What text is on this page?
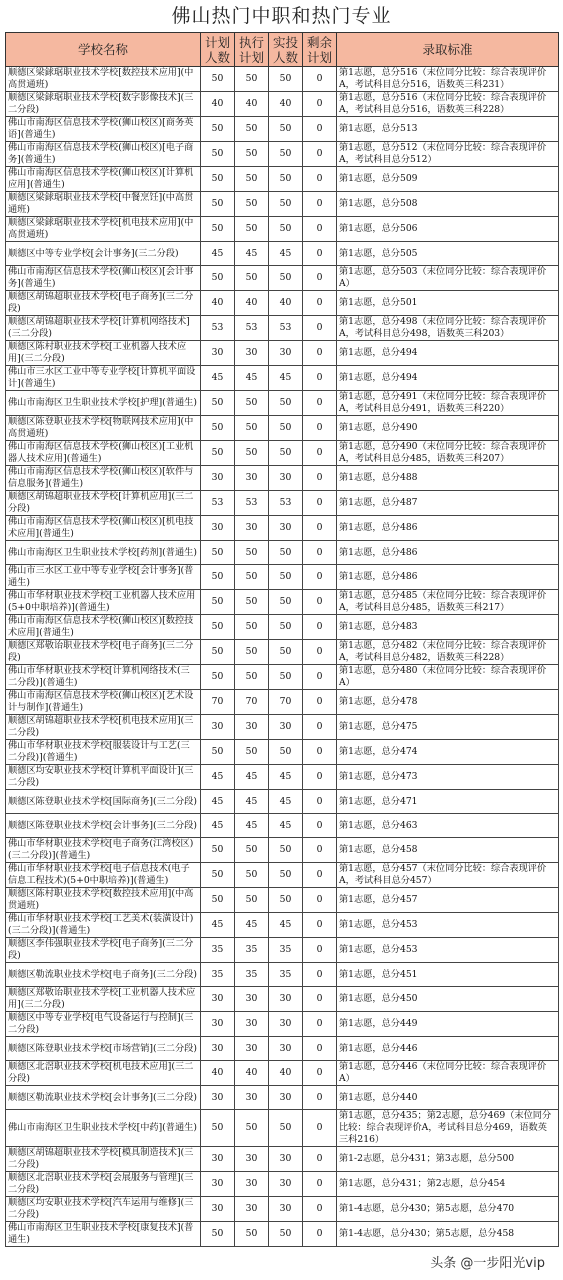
佛山热门中职和热门专业
学校名称	计划人数	执行计划	实投人数	剩余计划	录取标准
顺德区梁銶琚职业技术学校[数控技术应用](中高贯通班)	50	50	50	0	第1志愿，总分516（末位同分比较：综合表现评价A，考试科目总分516，语数英三科231）
顺德区梁銶琚职业技术学校[数字影像技术](三二分段)	40	40	40	0	第1志愿，总分516（末位同分比较：综合表现评价A，考试科目总分516，语数英三科228）
佛山市南海区信息技术学校(狮山校区)[商务英语](普通生)	50	50	50	0	第1志愿，总分513
佛山市南海区信息技术学校(狮山校区)[电子商务](普通生)	50	50	50	0	第1志愿，总分512（末位同分比较：综合表现评价A，考试科目总分512）
佛山市南海区信息技术学校(狮山校区)[计算机应用](普通生)	50	50	50	0	第1志愿，总分509
顺德区梁銶琚职业技术学校[中餐烹饪](中高贯通班)	50	50	50	0	第1志愿，总分508
顺德区梁銶琚职业技术学校[机电技术应用](中高贯通班)	50	50	50	0	第1志愿，总分506
顺德区中等专业学校[会计事务](三二分段)	45	45	45	0	第1志愿，总分505
佛山市南海区信息技术学校(狮山校区)[会计事务](普通生)	50	50	50	0	第1志愿，总分503（末位同分比较：综合表现评价A）
顺德区胡锦超职业技术学校[电子商务](三二分段)	40	40	40	0	第1志愿，总分501
顺德区胡锦超职业技术学校[计算机网络技术](三二分段)	53	53	53	0	第1志愿，总分498（末位同分比较：综合表现评价A，考试科目总分498，语数英三科203）
顺德区陈村职业技术学校[工业机器人技术应用](三二分段)	30	30	30	0	第1志愿，总分494
佛山市三水区工业中等专业学校[计算机平面设计](普通生)	45	45	45	0	第1志愿，总分494
佛山市南海区卫生职业技术学校[护理](普通生)	50	50	50	0	第1志愿，总分491（末位同分比较：综合表现评价A，考试科目总分491，语数英三科220）
顺德区陈登职业技术学校[物联网技术应用](中高贯通班)	50	50	50	0	第1志愿，总分490
佛山市南海区信息技术学校(狮山校区)[工业机器人技术应用](普通生)	50	50	50	0	第1志愿，总分490（末位同分比较：综合表现评价A，考试科目总分485，语数英三科207）
佛山市南海区信息技术学校(狮山校区)[软件与信息服务](普通生)	30	30	30	0	第1志愿，总分488
顺德区胡锦超职业技术学校[计算机应用](三二分段)	53	53	53	0	第1志愿，总分487
佛山市南海区信息技术学校(狮山校区)[机电技术应用](普通生)	30	30	30	0	第1志愿，总分486
佛山市南海区卫生职业技术学校[药剂](普通生)	50	50	50	0	第1志愿，总分486
佛山市三水区工业中等专业学校[会计事务](普通生)	50	50	50	0	第1志愿，总分486
佛山市华材职业技术学校[工业机器人技术应用(5+0中职培养)](普通生)	50	50	50	0	第1志愿，总分485（末位同分比较：综合表现评价A，考试科目总分485，语数英三科217）
佛山市南海区信息技术学校(狮山校区)[数控技术应用](普通生)	50	50	50	0	第1志愿，总分483
顺德区郑敬诒职业技术学校[电子商务](三二分段)	50	50	50	0	第1志愿，总分482（末位同分比较：综合表现评价A，考试科目总分482，语数英三科228）
佛山市华材职业技术学校[计算机网络技术(三二分段)](普通生)	50	50	50	0	第1志愿，总分480（末位同分比较：综合表现评价A）
佛山市南海区信息技术学校(狮山校区)[艺术设计与制作](普通生)	70	70	70	0	第1志愿，总分478
顺德区胡锦超职业技术学校[机电技术应用](三二分段)	30	30	30	0	第1志愿，总分475
佛山市华材职业技术学校[服装设计与工艺(三二分段)](普通生)	50	50	50	0	第1志愿，总分474
顺德区均安职业技术学校[计算机平面设计](三二分段)	45	45	45	0	第1志愿，总分473
顺德区陈登职业技术学校[国际商务](三二分段)	45	45	45	0	第1志愿，总分471
顺德区陈登职业技术学校[会计事务](三二分段)	45	45	45	0	第1志愿，总分463
佛山市华材职业技术学校[电子商务(江湾校区)(三二分段)](普通生)	50	50	50	0	第1志愿，总分458
佛山市华材职业技术学校[电子信息技术(电子信息工程技术)(5+0中职培养)](普通生)	50	50	50	0	第1志愿，总分457（末位同分比较：综合表现评价A，考试科目总分457）
顺德区陈村职业技术学校[数控技术应用](中高贯通班)	50	50	50	0	第1志愿，总分457
佛山市华材职业技术学校[工艺美术(装潢设计)(三二分段)](普通生)	45	45	45	0	第1志愿，总分453
顺德区李伟强职业技术学校[电子商务](三二分段)	35	35	35	0	第1志愿，总分453
顺德区勒流职业技术学校[电子商务](三二分段)	35	35	35	0	第1志愿，总分451
顺德区郑敬诒职业技术学校[工业机器人技术应用](三二分段)	30	30	30	0	第1志愿，总分450
顺德区中等专业学校[电气设备运行与控制](三二分段)	30	30	30	0	第1志愿，总分449
顺德区陈登职业技术学校[市场营销](三二分段)	30	30	30	0	第1志愿，总分446
顺德区北滘职业技术学校[机电技术应用](三二分段)	40	40	40	0	第1志愿，总分446（末位同分比较：综合表现评价A）
顺德区勒流职业技术学校[会计事务](三二分段)	30	30	30	0	第1志愿，总分440
佛山市南海区卫生职业技术学校[中药](普通生)	50	50	50	0	第1志愿，总分435；第2志愿，总分469（末位同分比较：综合表现评价A，考试科目总分469，语数英三科216）
顺德区胡锦超职业技术学校[模具制造技术](三二分段)	30	30	30	0	第1-2志愿，总分431；第3志愿，总分500
顺德区北滘职业技术学校[会展服务与管理](三二分段)	30	30	30	0	第1志愿，总分431；第2志愿，总分454
顺德区均安职业技术学校[汽车运用与维修](三二分段)	30	30	30	0	第1-4志愿，总分430；第5志愿，总分470
佛山市南海区卫生职业技术学校[康复技术](普通生)	50	50	50	0	第1-4志愿，总分430；第5志愿，总分458
头条 @一步阳光vip
